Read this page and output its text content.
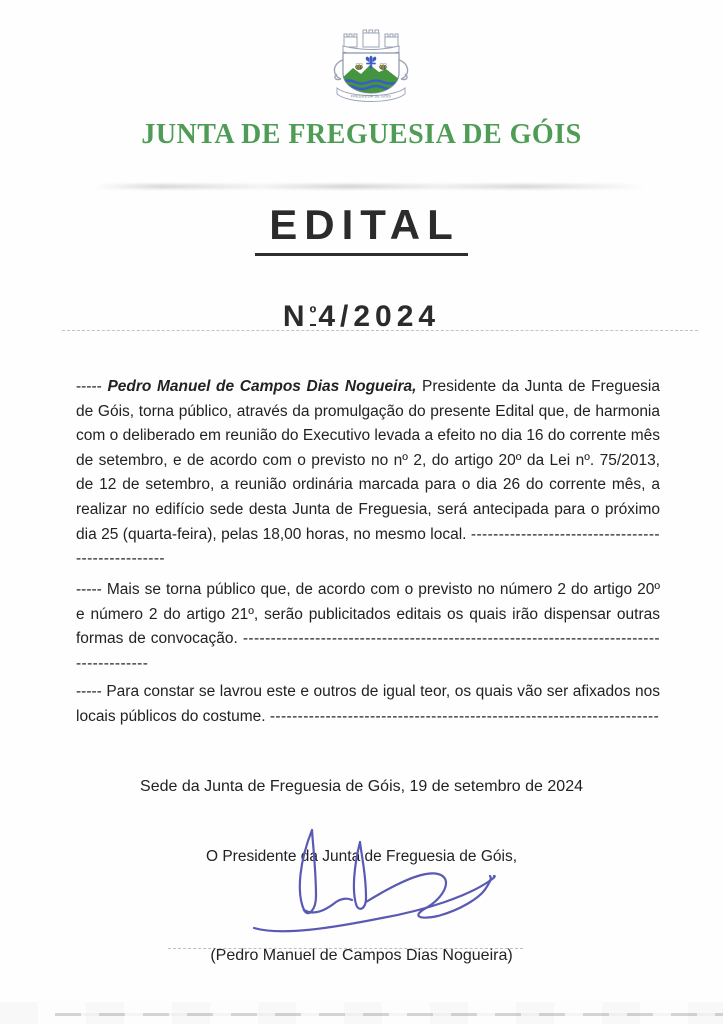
FREGUESIA DE GÓIS
JUNTA DE FREGUESIA DE GÓIS
EDITAL
$N^º4/2024$

----- Pedro Manuel de Campos Dias Nogueira, Presidente da Junta de Freguesia de Góis, torna público, através da promulgação do presente Edital que, de harmonia com o deliberado em reunião do Executivo levada a efeito no dia 16 do corrente mês de setembro, e de acordo com o previsto no nº 2, do artigo 20º da Lei nº. 75/2013, de 12 de setembro, a reunião ordinária marcada para o dia 26 do corrente mês, a realizar no edifício sede desta Junta de Freguesia, será antecipada para o próximo dia 25 (quarta-feira), pelas 18,00 horas, no mesmo local. --------------------------------------------------

----- Mais se torna público que, de acordo com o previsto no número 2 do artigo 20º e número 2 do artigo 21º, serão publicitados editais os quais irão dispensar outras formas de convocação. ----------------------------------------------------------------------------------------

----- Para constar se lavrou este e outros de igual teor, os quais vão ser afixados nos locais públicos do costume. ----------------------------------------------------------------------

Sede da Junta de Freguesia de Góis, 19 de setembro de 2024
O Presidente da Junta de Freguesia de Góis,
(Pedro Manuel de Campos Dias Nogueira)
